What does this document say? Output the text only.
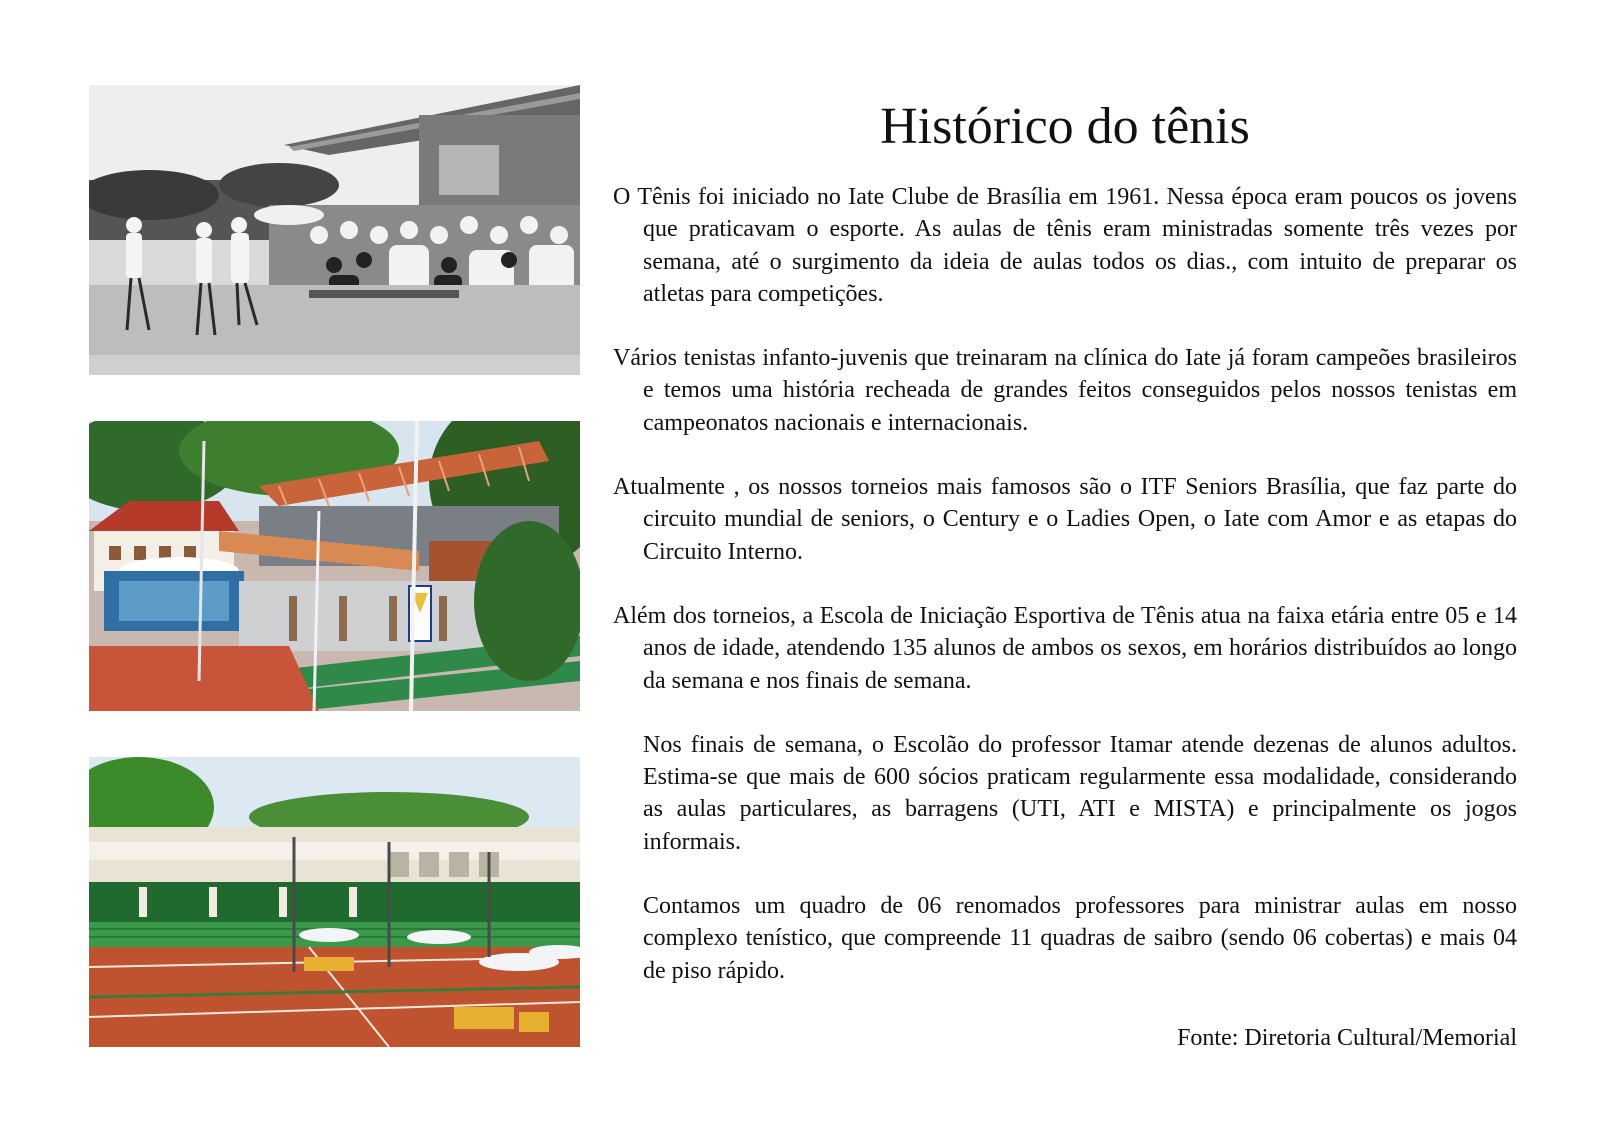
Histórico do tênis

O Tênis foi iniciado no Iate Clube de Brasília em 1961. Nessa época eram poucos os jovens que praticavam o esporte. As aulas de tênis eram ministradas somente três vezes por semana, até o surgimento da ideia de aulas todos os dias., com intuito de preparar os atletas para competições.

Vários tenistas infanto-juvenis que treinaram na clínica do Iate já foram campeões brasileiros e temos uma história recheada de grandes feitos conseguidos pelos nossos tenistas em campeonatos nacionais e internacionais.

Atualmente , os nossos torneios mais famosos são o ITF Seniors Brasília, que faz parte do circuito mundial de seniors, o Century e o Ladies Open, o Iate com Amor e as etapas do Circuito Interno.

Além dos torneios, a Escola de Iniciação Esportiva de Tênis atua na faixa etária entre 05 e 14 anos de idade, atendendo 135 alunos de ambos os sexos, em horários distribuídos ao longo da semana e nos finais de semana.

Nos finais de semana, o Escolão do professor Itamar atende dezenas de alunos adultos. Estima-se que mais de 600 sócios praticam regularmente essa modalidade, considerando as aulas particulares, as barragens (UTI, ATI e MISTA) e principalmente os jogos informais.

Contamos um quadro de 06 renomados professores para ministrar aulas em nosso complexo tenístico, que compreende 11 quadras de saibro (sendo 06 cobertas) e mais 04 de piso rápido.

Fonte: Diretoria Cultural/Memorial
